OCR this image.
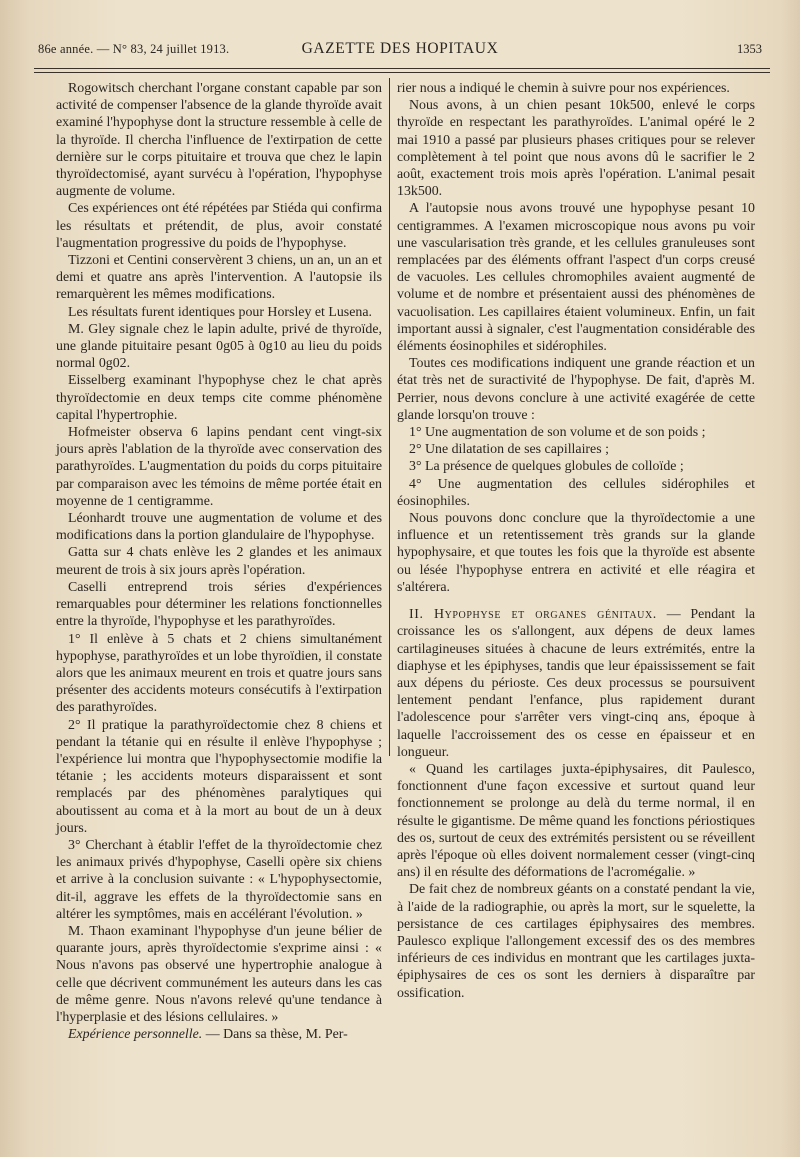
86e année. — N° 83, 24 juillet 1913.	GAZETTE DES HOPITAUX	1353

Rogowitsch cherchant l'organe constant capable par son activité de compenser l'absence de la glande thyroïde avait examiné l'hypophyse dont la structure ressemble à celle de la thyroïde. Il chercha l'influence de l'extirpation de cette dernière sur le corps pituitaire et trouva que chez le lapin thyroïdectomisé, ayant survécu à l'opération, l'hypophyse augmente de volume.

Ces expériences ont été répétées par Stiéda qui confirma les résultats et prétendit, de plus, avoir constaté l'augmentation progressive du poids de l'hypophyse.

Tizzoni et Centini conservèrent 3 chiens, un an, un an et demi et quatre ans après l'intervention. A l'autopsie ils remarquèrent les mêmes modifications.

Les résultats furent identiques pour Horsley et Lusena.

M. Gley signale chez le lapin adulte, privé de thyroïde, une glande pituitaire pesant 0g05 à 0g10 au lieu du poids normal 0g02.

Eisselberg examinant l'hypophyse chez le chat après thyroïdectomie en deux temps cite comme phénomène capital l'hypertrophie.

Hofmeister observa 6 lapins pendant cent vingt-six jours après l'ablation de la thyroïde avec conservation des parathyroïdes. L'augmentation du poids du corps pituitaire par comparaison avec les témoins de même portée était en moyenne de 1 centigramme.

Léonhardt trouve une augmentation de volume et des modifications dans la portion glandulaire de l'hypophyse.

Gatta sur 4 chats enlève les 2 glandes et les animaux meurent de trois à six jours après l'opération.

Caselli entreprend trois séries d'expériences remarquables pour déterminer les relations fonctionnelles entre la thyroïde, l'hypophyse et les parathyroïdes.

1° Il enlève à 5 chats et 2 chiens simultanément hypophyse, parathyroïdes et un lobe thyroïdien, il constate alors que les animaux meurent en trois et quatre jours sans présenter des accidents moteurs consécutifs à l'extirpation des parathyroïdes.

2° Il pratique la parathyroïdectomie chez 8 chiens et pendant la tétanie qui en résulte il enlève l'hypophyse ; l'expérience lui montra que l'hypophysectomie modifie la tétanie ; les accidents moteurs disparaissent et sont remplacés par des phénomènes paralytiques qui aboutissent au coma et à la mort au bout de un à deux jours.

3° Cherchant à établir l'effet de la thyroïdectomie chez les animaux privés d'hypophyse, Caselli opère six chiens et arrive à la conclusion suivante : « L'hypophysectomie, dit-il, aggrave les effets de la thyroïdectomie sans en altérer les symptômes, mais en accélérant l'évolution. »

M. Thaon examinant l'hypophyse d'un jeune bélier de quarante jours, après thyroïdectomie s'exprime ainsi : « Nous n'avons pas observé une hypertrophie analogue à celle que décrivent communément les auteurs dans les cas de même genre. Nous n'avons relevé qu'une tendance à l'hyperplasie et des lésions cellulaires. »

Expérience personnelle. — Dans sa thèse, M. Per-

rier nous a indiqué le chemin à suivre pour nos expériences.

Nous avons, à un chien pesant 10k500, enlevé le corps thyroïde en respectant les parathyroïdes. L'animal opéré le 2 mai 1910 a passé par plusieurs phases critiques pour se relever complètement à tel point que nous avons dû le sacrifier le 2 août, exactement trois mois après l'opération. L'animal pesait 13k500.

A l'autopsie nous avons trouvé une hypophyse pesant 10 centigrammes. A l'examen microscopique nous avons pu voir une vascularisation très grande, et les cellules granuleuses sont remplacées par des éléments offrant l'aspect d'un corps creusé de vacuoles. Les cellules chromophiles avaient augmenté de volume et de nombre et présentaient aussi des phénomènes de vacuolisation. Les capillaires étaient volumineux. Enfin, un fait important aussi à signaler, c'est l'augmentation considérable des éléments éosinophiles et sidérophiles.

Toutes ces modifications indiquent une grande réaction et un état très net de suractivité de l'hypophyse. De fait, d'après M. Perrier, nous devons conclure à une activité exagérée de cette glande lorsqu'on trouve :

1° Une augmentation de son volume et de son poids ;

2° Une dilatation de ses capillaires ;

3° La présence de quelques globules de colloïde ;

4° Une augmentation des cellules sidérophiles et éosinophiles.

Nous pouvons donc conclure que la thyroïdectomie a une influence et un retentissement très grands sur la glande hypophysaire, et que toutes les fois que la thyroïde est absente ou lésée l'hypophyse entrera en activité et elle réagira et s'altérera.

II. Hypophyse et organes génitaux. — Pendant la croissance les os s'allongent, aux dépens de deux lames cartilagineuses situées à chacune de leurs extrémités, entre la diaphyse et les épiphyses, tandis que leur épaississement se fait aux dépens du périoste. Ces deux processus se poursuivent lentement pendant l'enfance, plus rapidement durant l'adolescence pour s'arrêter vers vingt-cinq ans, époque à laquelle l'accroissement des os cesse en épaisseur et en longueur.

« Quand les cartilages juxta-épiphysaires, dit Paulesco, fonctionnent d'une façon excessive et surtout quand leur fonctionnement se prolonge au delà du terme normal, il en résulte le gigantisme. De même quand les fonctions périostiques des os, surtout de ceux des extrémités persistent ou se réveillent après l'époque où elles doivent normalement cesser (vingt-cinq ans) il en résulte des déformations de l'acromégalie. »

De fait chez de nombreux géants on a constaté pendant la vie, à l'aide de la radiographie, ou après la mort, sur le squelette, la persistance de ces cartilages épiphysaires des membres. Paulesco explique l'allongement excessif des os des membres inférieurs de ces individus en montrant que les cartilages juxta-épiphysaires de ces os sont les derniers à disparaître par ossification.
